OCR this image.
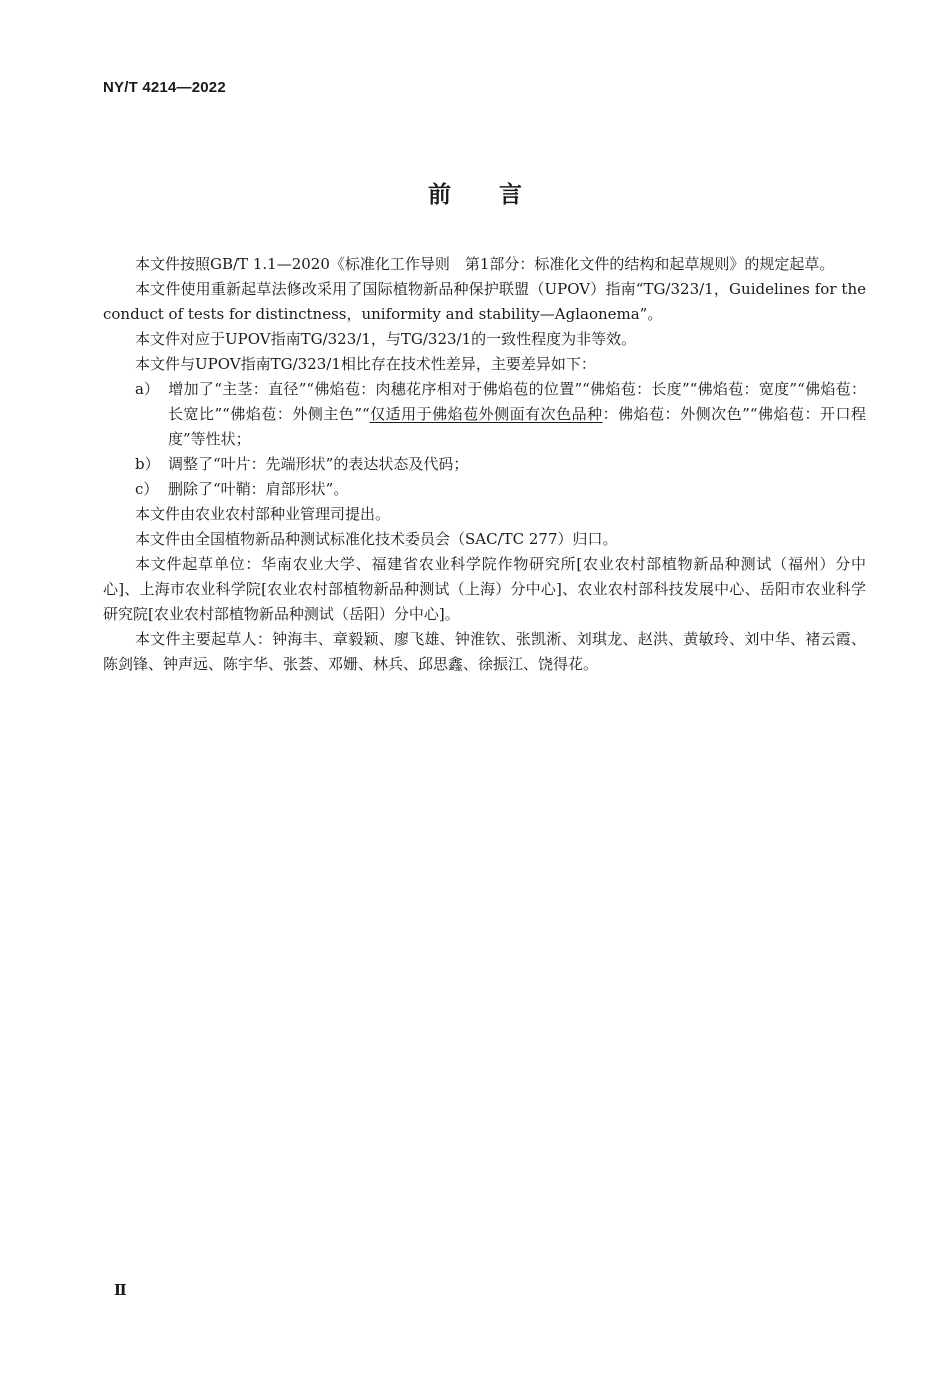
NY/T 4214—2022
前言

本文件按照GB/T 1.1—2020《标准化工作导则　第1部分：标准化文件的结构和起草规则》的规定起草。

本文件使用重新起草法修改采用了国际植物新品种保护联盟（UPOV）指南“TG/323/1，Guidelines for the conduct of tests for distinctness，uniformity and stability—Aglaonema”。

本文件对应于UPOV指南TG/323/1，与TG/323/1的一致性程度为非等效。

本文件与UPOV指南TG/323/1相比存在技术性差异，主要差异如下：

a） 增加了“主茎：直径”“佛焰苞：肉穗花序相对于佛焰苞的位置”“佛焰苞：长度”“佛焰苞：宽度”“佛焰苞：长宽比”“佛焰苞：外侧主色”“仅适用于佛焰苞外侧面有次色品种：佛焰苞：外侧次色”“佛焰苞：开口程度”等性状；

b） 调整了“叶片：先端形状”的表达状态及代码；

c） 删除了“叶鞘：肩部形状”。

本文件由农业农村部种业管理司提出。

本文件由全国植物新品种测试标准化技术委员会（SAC/TC 277）归口。

本文件起草单位：华南农业大学、福建省农业科学院作物研究所[农业农村部植物新品种测试（福州）分中心]、上海市农业科学院[农业农村部植物新品种测试（上海）分中心]、农业农村部科技发展中心、岳阳市农业科学研究院[农业农村部植物新品种测试（岳阳）分中心]。

本文件主要起草人：钟海丰、章毅颖、廖飞雄、钟淮钦、张凯淅、刘琪龙、赵洪、黄敏玲、刘中华、褚云霞、陈剑锋、钟声远、陈宇华、张荟、邓姗、林兵、邱思鑫、徐振江、饶得花。

Ⅱ
